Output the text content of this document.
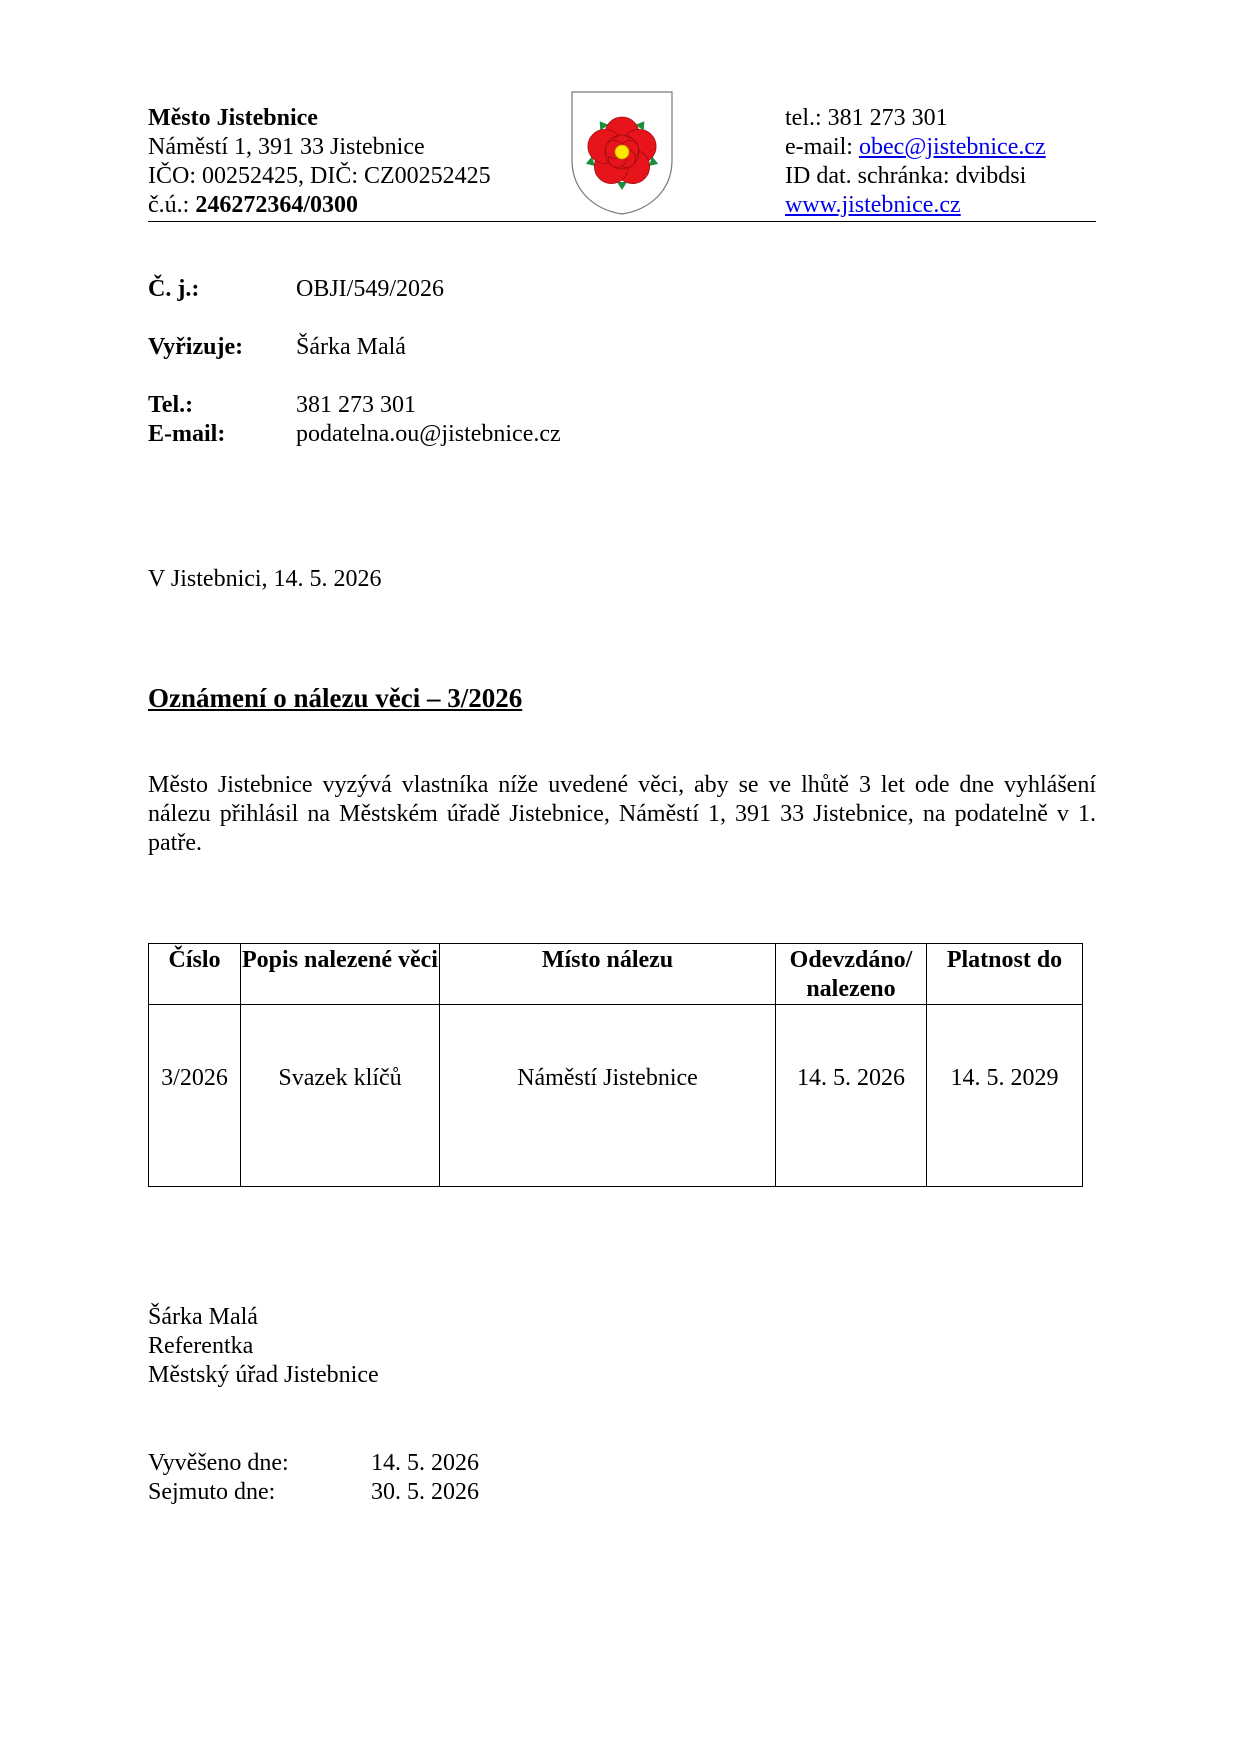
Město Jistebnice
Náměstí 1, 391 33 Jistebnice
IČO: 00252425, DIČ: CZ00252425
č.ú.: 246272364/0300
tel.: 381 273 301
e-mail: obec@jistebnice.cz
ID dat. schránka: dvibdsi
www.jistebnice.cz
Č. j.:	OBJI/549/2026
Vyřizuje: Šárka Malá
Tel.:	381 273 301
E-mail:	podatelna.ou@jistebnice.cz
V Jistebnici, 14. 5. 2026
Oznámení o nálezu věci – 3/2026
Město Jistebnice vyzývá vlastníka níže uvedené věci, aby se ve lhůtě 3 let ode dne vyhlášení nálezu přihlásil na Městském úřadě Jistebnice, Náměstí 1, 391 33 Jistebnice, na podatelně v 1. patře.
Číslo	Popis nalezené věci	Místo nálezu	Odevzdáno/ nalezeno	Platnost do
3/2026	Svazek klíčů	Náměstí Jistebnice	14. 5. 2026	14. 5. 2029
Šárka Malá
Referentka
Městský úřad Jistebnice
Vyvěšeno dne:	14. 5. 2026
Sejmuto dne:	30. 5. 2026
